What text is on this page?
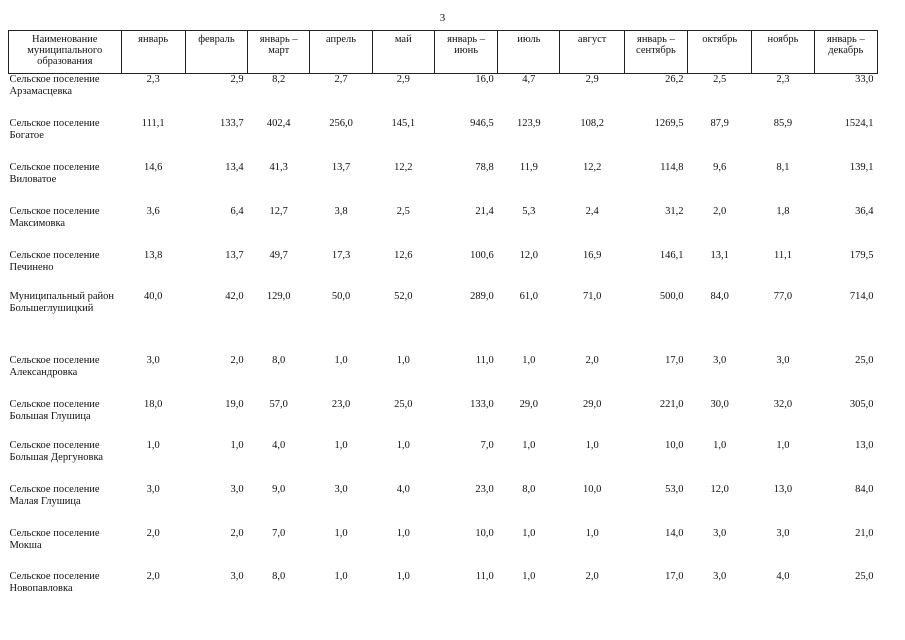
3
Наименование муниципального образования	январь	февраль	январь – март	апрель	май	январь – июнь	июль	август	январь – сентябрь	октябрь	ноябрь	январь – декабрь

Сельское поселение
Арзамасцевка	2,3	2,9	8,2	2,7	2,9	16,0	4,7	2,9	26,2	2,5	2,3	33,0

Сельское поселение
Богатое	111,1	133,7	402,4	256,0	145,1	946,5	123,9	108,2	1269,5	87,9	85,9	1524,1

Сельское поселение
Виловатое	14,6	13,4	41,3	13,7	12,2	78,8	11,9	12,2	114,8	9,6	8,1	139,1

Сельское поселение
Максимовка	3,6	6,4	12,7	3,8	2,5	21,4	5,3	2,4	31,2	2,0	1,8	36,4

Сельское поселение
Печинено	13,8	13,7	49,7	17,3	12,6	100,6	12,0	16,9	146,1	13,1	11,1	179,5

Муниципальный район
Большеглушицкий	40,0	42,0	129,0	50,0	52,0	289,0	61,0	71,0	500,0	84,0	77,0	714,0

Сельское поселение
Александровка	3,0	2,0	8,0	1,0	1,0	11,0	1,0	2,0	17,0	3,0	3,0	25,0

Сельское поселение
Большая Глушица	18,0	19,0	57,0	23,0	25,0	133,0	29,0	29,0	221,0	30,0	32,0	305,0

Сельское поселение
Большая Дергуновка	1,0	1,0	4,0	1,0	1,0	7,0	1,0	1,0	10,0	1,0	1,0	13,0

Сельское поселение
Малая Глушица	3,0	3,0	9,0	3,0	4,0	23,0	8,0	10,0	53,0	12,0	13,0	84,0

Сельское поселение
Мокша	2,0	2,0	7,0	1,0	1,0	10,0	1,0	1,0	14,0	3,0	3,0	21,0

Сельское поселение
Новопавловка	2,0	3,0	8,0	1,0	1,0	11,0	1,0	2,0	17,0	3,0	4,0	25,0
